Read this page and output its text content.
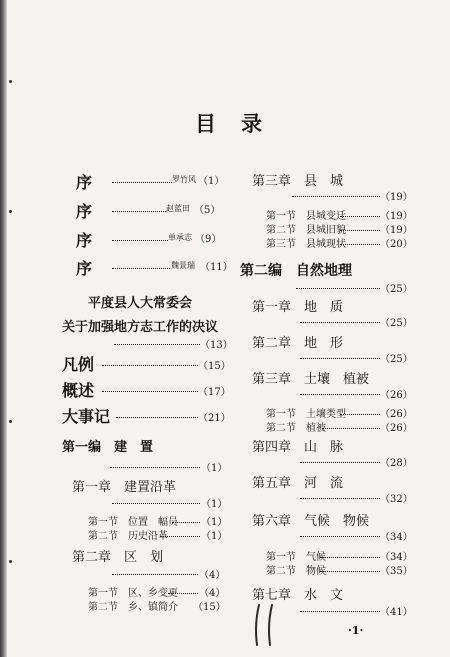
目　录
序	罗竹风 （1）
序	赵蓝田 （5）
序	单承志 （9）
序	魏景瑞 （11）
平度县人大常委会
关于加强地方志工作的决议
（13）
凡例	（15）
概述	（17）
大事记	（21）
第一编　建　置
（1）
第一章　建置沿革
（1）
第一节　位置　幅员 （1）
第二节　历史沿革	（1）
第二章　区　划
（4）
第一节　区、乡变更 （4）
第二节　乡、镇简介 （15）
第三章　县　城
（19）
第一节　县城变迁	（19）
第二节　县城旧貌	（19）
第三节　县城现状	（20）
第二编　自然地理
（25）
第一章　地　质
（25）
第二章　地　形
（25）
第三章　土壤　植被
（26）
第一节　土壤类型	（26）
第二节　植被	（26）
第四章　山　脉
（28）
第五章　河　流
（32）
第六章　气候　物候
（34）
第一节　气候	（34）
第二节　物候	（35）
第七章　水　文
（41）
·1·
